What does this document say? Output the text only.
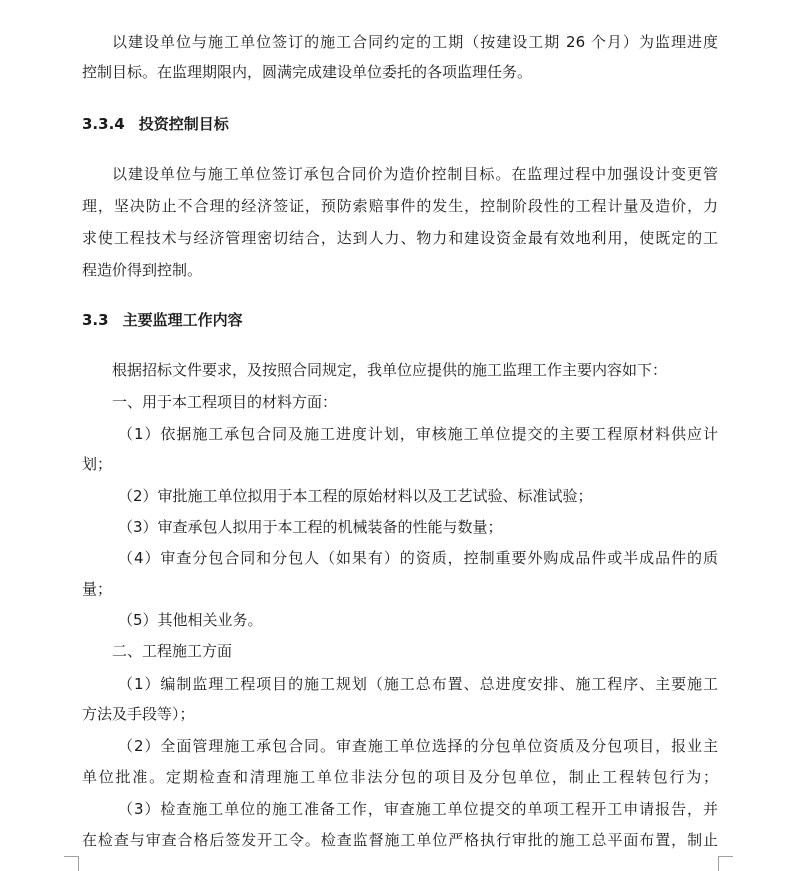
以建设单位与施工单位签订的施工合同约定的工期（按建设工期 26 个月）为监理进度
控制目标。在监理期限内，圆满完成建设单位委托的各项监理任务。
3.3.4 投资控制目标
以建设单位与施工单位签订承包合同价为造价控制目标。在监理过程中加强设计变更管
理，坚决防止不合理的经济签证，预防索赔事件的发生，控制阶段性的工程计量及造价，力
求使工程技术与经济管理密切结合，达到人力、物力和建设资金最有效地利用，使既定的工
程造价得到控制。
3.3 主要监理工作内容
根据招标文件要求，及按照合同规定，我单位应提供的施工监理工作主要内容如下：
一、用于本工程项目的材料方面：
（1）依据施工承包合同及施工进度计划，审核施工单位提交的主要工程原材料供应计
划；
（2）审批施工单位拟用于本工程的原始材料以及工艺试验、标准试验；
（3）审查承包人拟用于本工程的机械装备的性能与数量；
（4）审查分包合同和分包人（如果有）的资质，控制重要外购成品件或半成品件的质
量；
（5）其他相关业务。
二、工程施工方面
（1）编制监理工程项目的施工规划（施工总布置、总进度安排、施工程序、主要施工
方法及手段等）；
（2）全面管理施工承包合同。审查施工单位选择的分包单位资质及分包项目，报业主
单位批准。定期检查和清理施工单位非法分包的项目及分包单位，制止工程转包行为；
（3）检查施工单位的施工准备工作，审查施工单位提交的单项工程开工申请报告，并
在检查与审查合格后签发开工令。检查监督施工单位严格执行审批的施工总平面布置，制止
